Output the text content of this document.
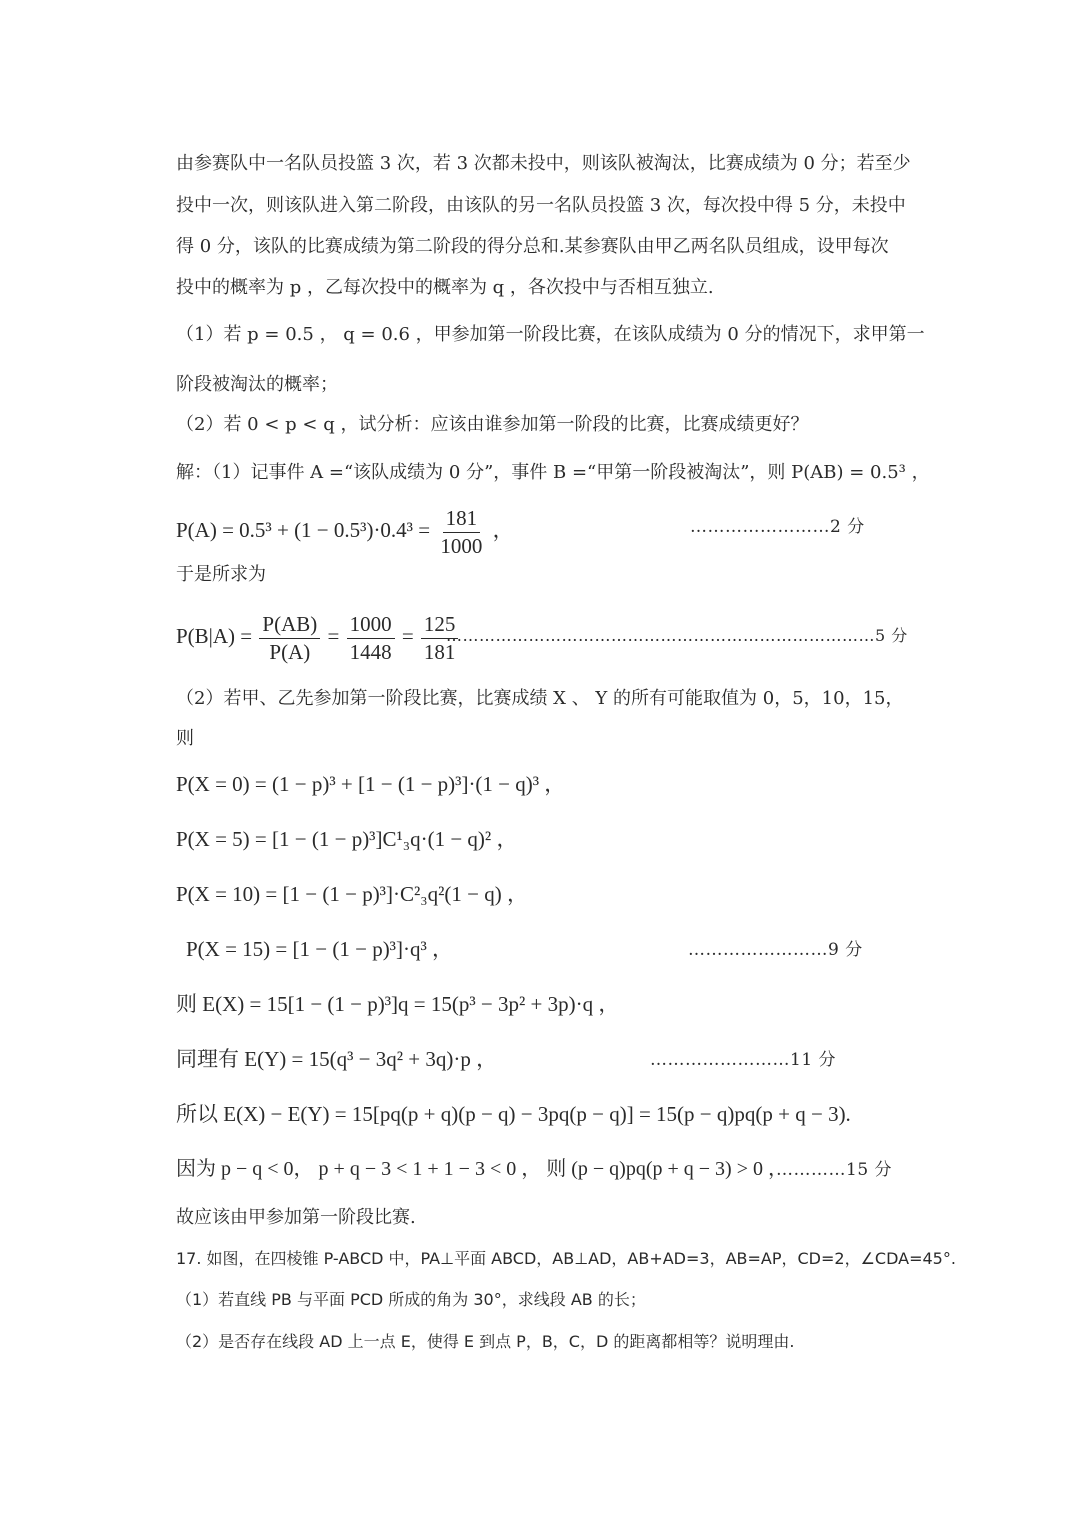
由参赛队中一名队员投篮 3 次，若 3 次都未投中，则该队被淘汰，比赛成绩为 0 分；若至少
投中一次，则该队进入第二阶段，由该队的另一名队员投篮 3 次，每次投中得 5 分，未投中
得 0 分，该队的比赛成绩为第二阶段的得分总和.某参赛队由甲乙两名队员组成，设甲每次
投中的概率为 p ，乙每次投中的概率为 q ，各次投中与否相互独立.
（1）若 p = 0.5 ， q = 0.6 ，甲参加第一阶段比赛，在该队成绩为 0 分的情况下，求甲第一
阶段被淘汰的概率；
（2）若 0 < p < q ，试分析：应该由谁参加第一阶段的比赛，比赛成绩更好？
解：（1）记事件 A =“该队成绩为 0 分”，事件 B =“甲第一阶段被淘汰”，则 P(AB) = 0.5³ ，
$P(A) = 0.5^3 + (1 - 0.5^3)\cdot 0.4^3 = \frac{181}{1000}$ ，	……………………2 分
于是所求为
$P(B|A) = \frac{P(AB)}{P(A)} = \frac{1000}{1448} = \frac{125}{181}$
……………………………………………………………………5 分
（2）若甲、乙先参加第一阶段比赛，比赛成绩 X 、 Y 的所有可能取值为 0，5，10，15，
则
P(X = 0) = (1 − p)³ + [1 − (1 − p)³]·(1 − q)³ ，
P(X = 5) = [1 − (1 − p)³]C¹₃q·(1 − q)² ，
P(X = 10) = [1 − (1 − p)³]·C²₃q²(1 − q) ，
P(X = 15) = [1 − (1 − p)³]·q³ ，	……………………9 分
则 E(X) = 15[1 − (1 − p)³]q = 15(p³ − 3p² + 3p)·q ，
同理有 E(Y) = 15(q³ − 3q² + 3q)·p ，	……………………11 分
所以 E(X) − E(Y) = 15[pq(p + q)(p − q) − 3pq(p − q)] = 15(p − q)pq(p + q − 3).
因为 p − q < 0， p + q − 3 < 1 + 1 − 3 < 0 ， 则 (p − q)pq(p + q − 3) > 0 ，
…………15 分
故应该由甲参加第一阶段比赛.
17. 如图，在四棱锥 P-ABCD 中，PA⊥平面 ABCD，AB⊥AD，AB+AD=3，AB=AP，CD=2，∠CDA=45°.
（1）若直线 PB 与平面 PCD 所成的角为 30°，求线段 AB 的长；
（2）是否存在线段 AD 上一点 E，使得 E 到点 P，B，C，D 的距离都相等？说明理由.
